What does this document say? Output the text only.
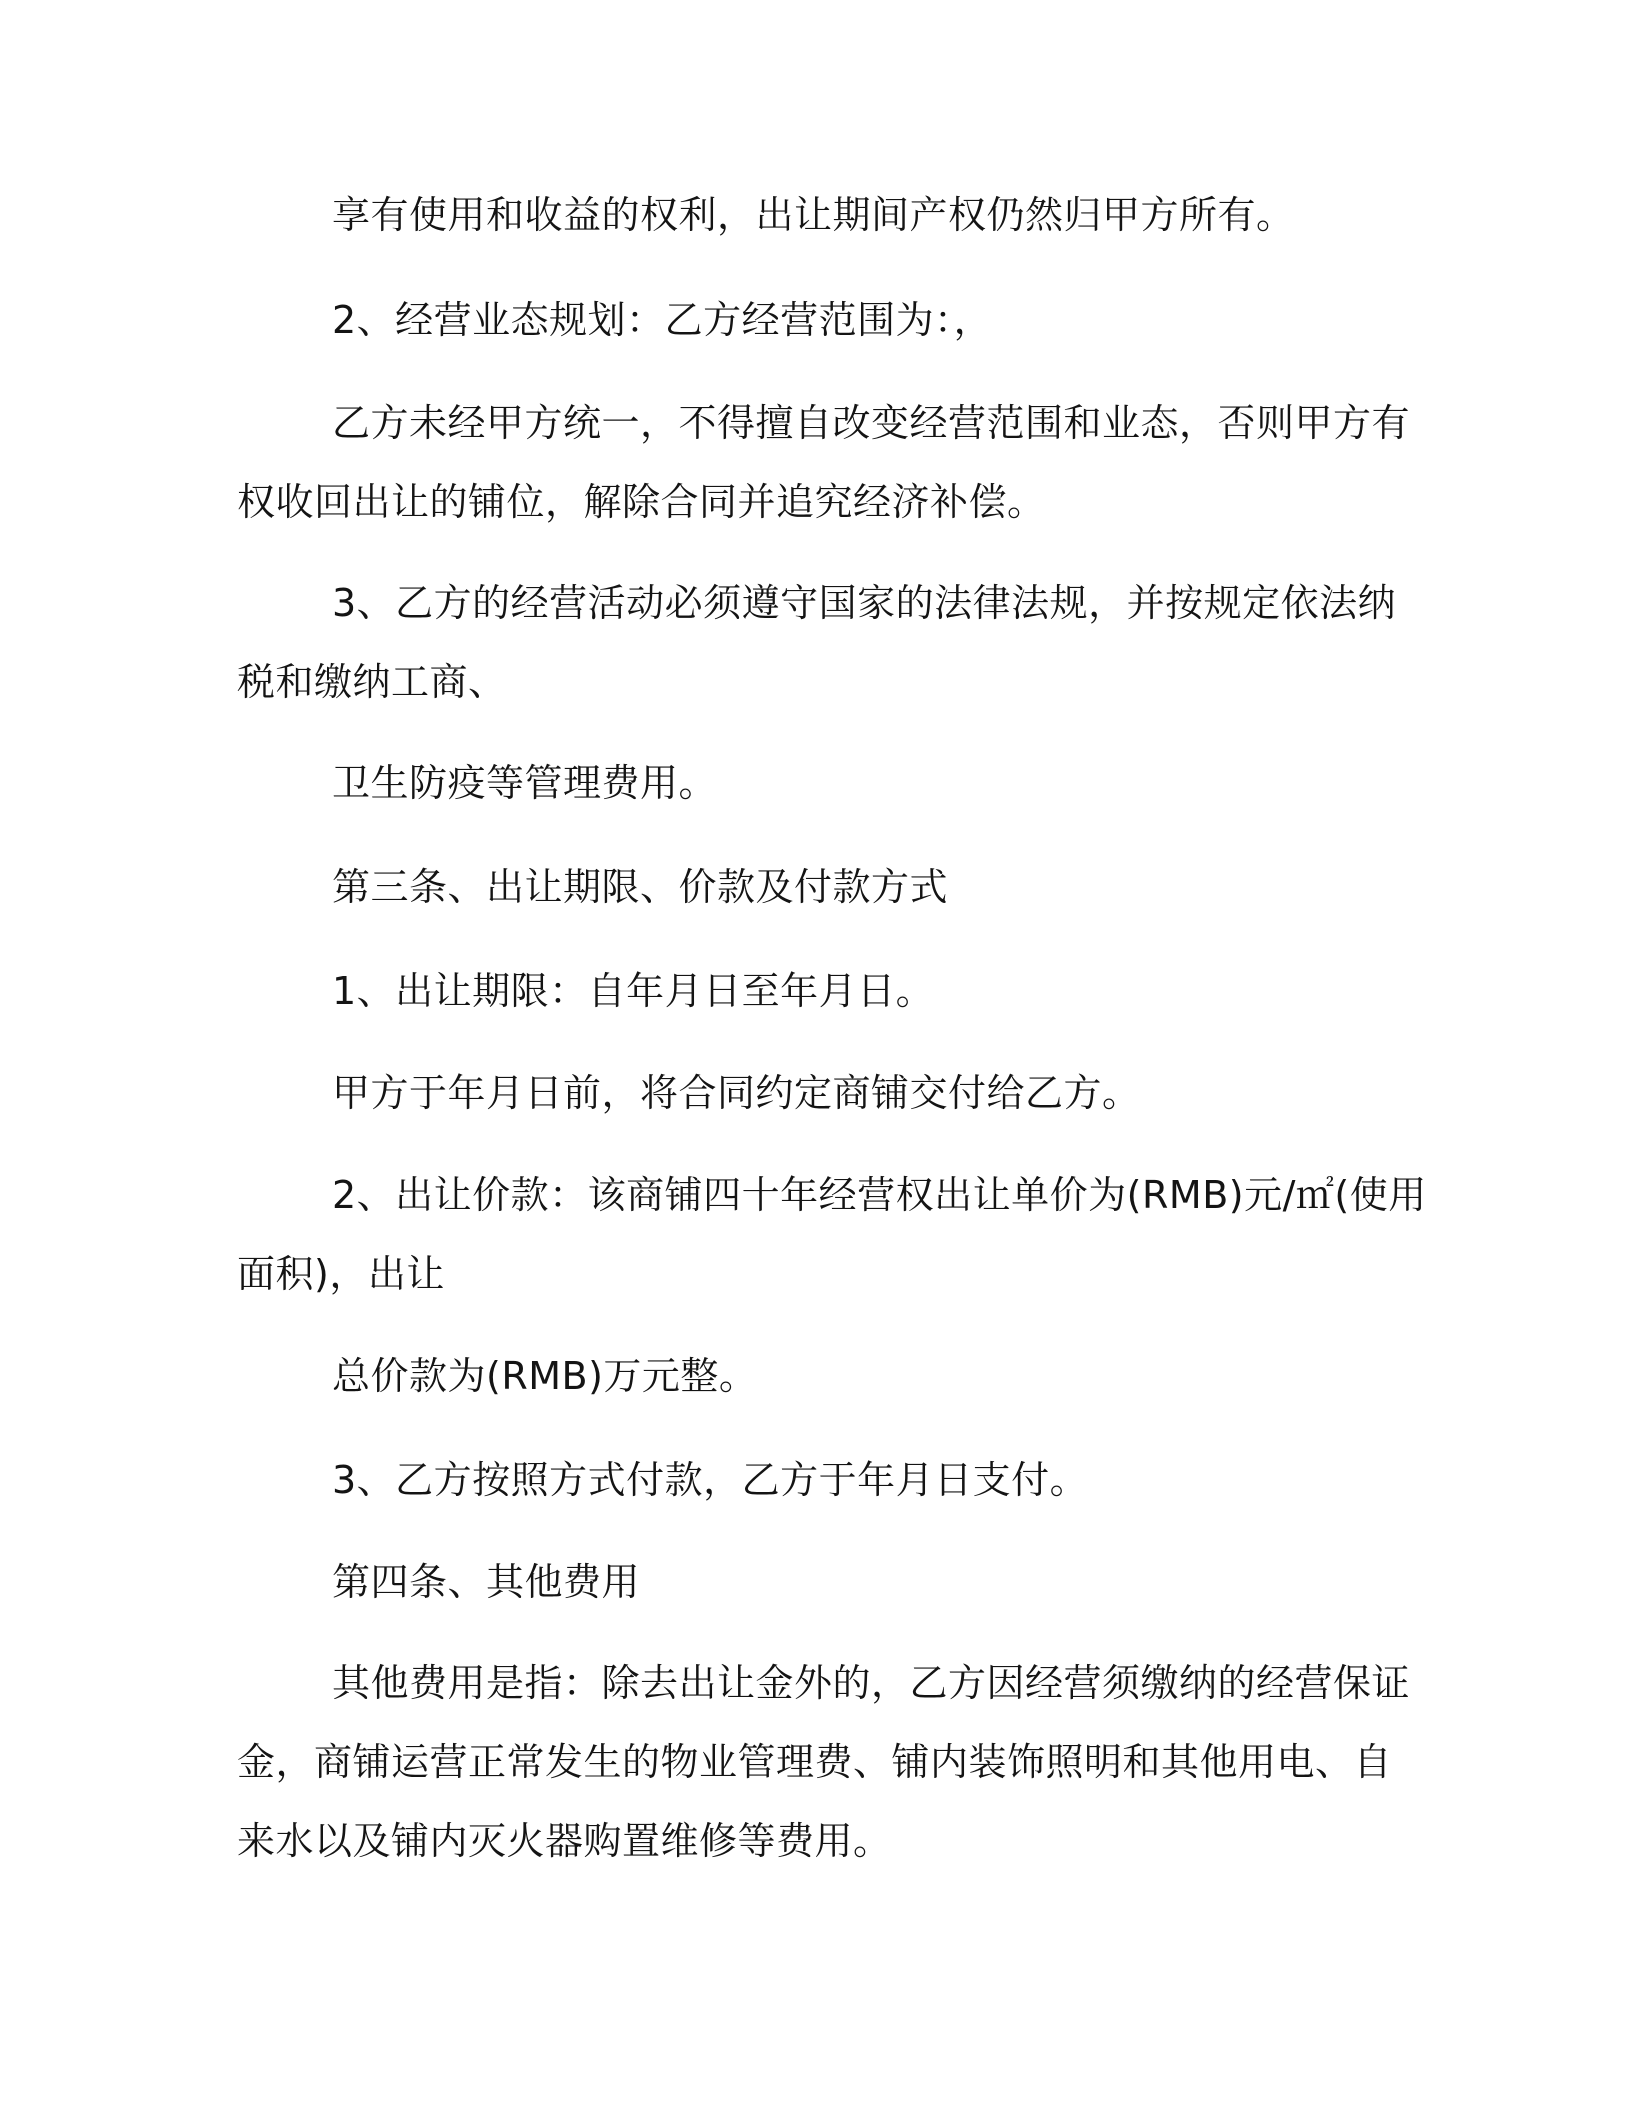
享有使用和收益的权利，出让期间产权仍然归甲方所有。

2、经营业态规划：乙方经营范围为：，

乙方未经甲方统一，不得擅自改变经营范围和业态，否则甲方有

权收回出让的铺位，解除合同并追究经济补偿。

3、乙方的经营活动必须遵守国家的法律法规，并按规定依法纳

税和缴纳工商、

卫生防疫等管理费用。

第三条、出让期限、价款及付款方式

1、出让期限：自年月日至年月日。

甲方于年月日前，将合同约定商铺交付给乙方。

2、出让价款：该商铺四十年经营权出让单价为(RMB)元/㎡(使用

面积)，出让

总价款为(RMB)万元整。

3、乙方按照方式付款，乙方于年月日支付。

第四条、其他费用

其他费用是指：除去出让金外的，乙方因经营须缴纳的经营保证

金，商铺运营正常发生的物业管理费、铺内装饰照明和其他用电、自

来水以及铺内灭火器购置维修等费用。
